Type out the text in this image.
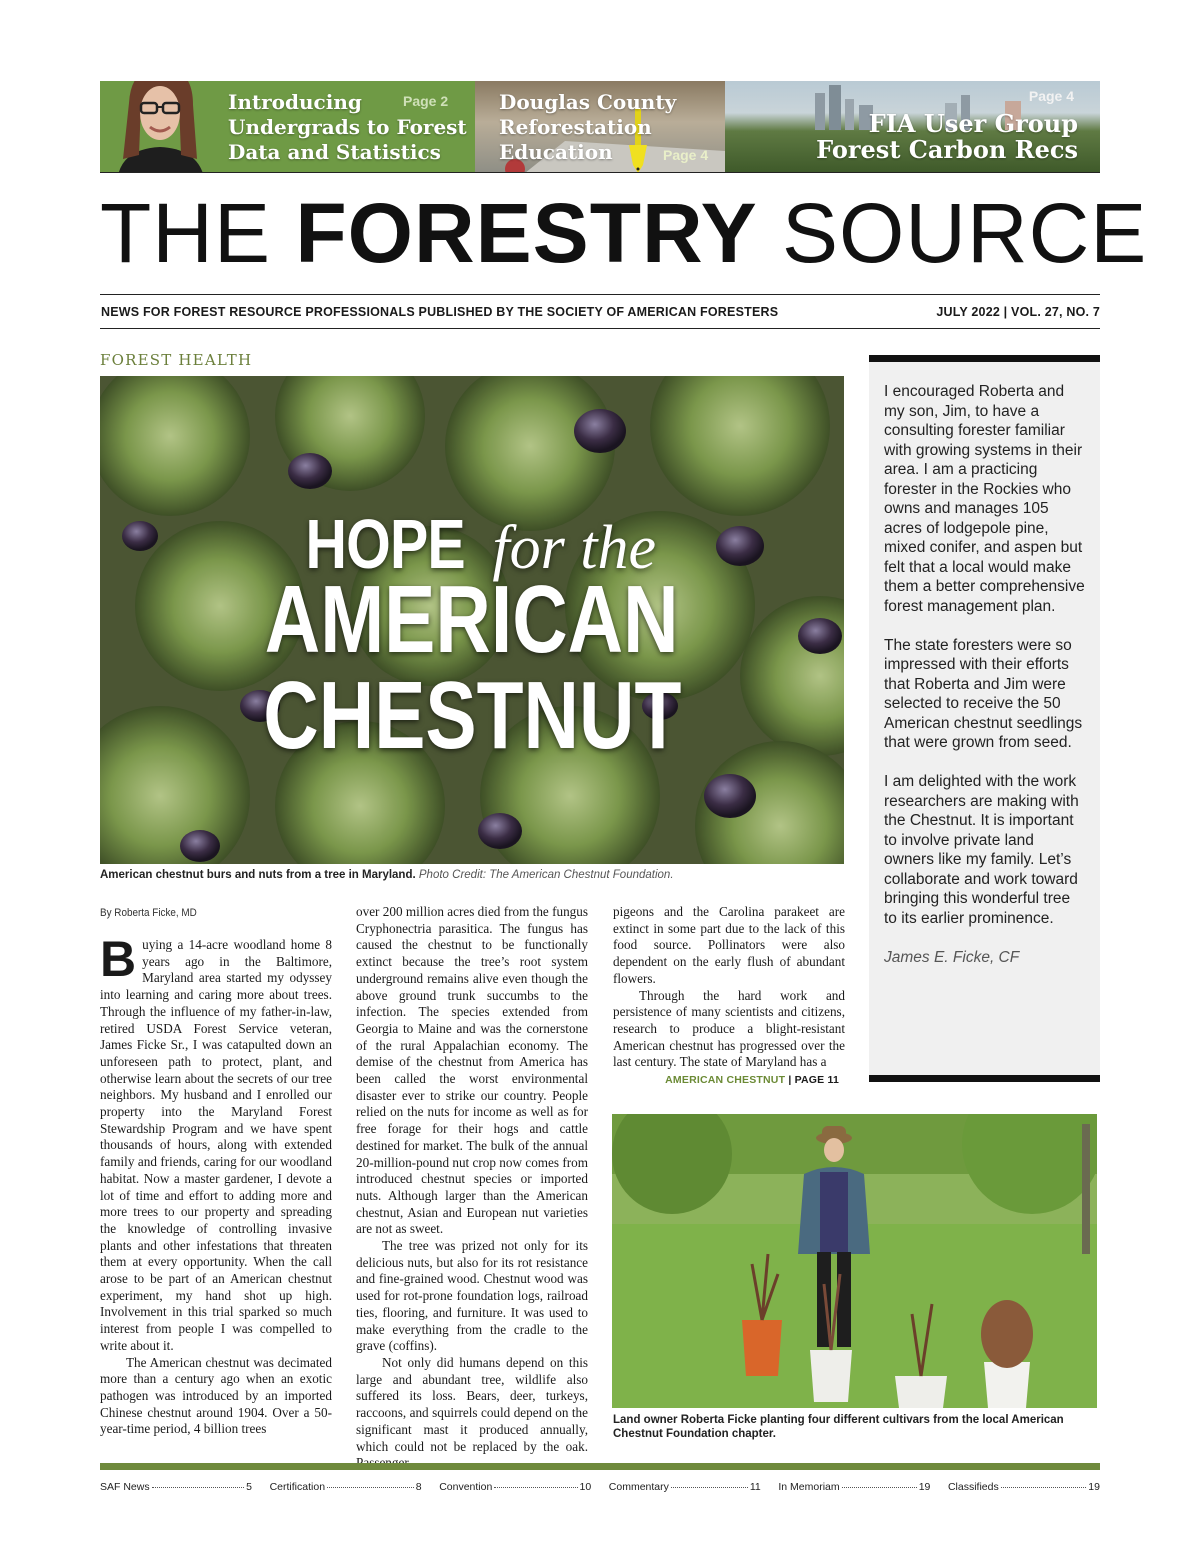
Introducing
Undergrads to Forest
Data and Statistics
Page 2	Douglas County
Reforestation
Education	Page 4
Page 4
FIA User Group
Forest Carbon Recs
THE FORESTRY SOURCE
NEWS FOR FOREST RESOURCE PROFESSIONALS PUBLISHED BY THE SOCIETY OF AMERICAN FORESTERS	JULY 2022 | VOL. 27, NO. 7
FOREST HEALTH
HOPE for the
AMERICAN
CHESTNUT
American chestnut burs and nuts from a tree in Maryland. Photo Credit: The American Chestnut Foundation.

I encouraged Roberta and my son, Jim, to have a consulting forester familiar with growing systems in their area. I am a practicing forester in the Rockies who owns and manages 105 acres of lodgepole pine, mixed conifer, and aspen but felt that a local would make them a better comprehensive forest management plan.

The state foresters were so impressed with their efforts that Roberta and Jim were selected to receive the 50 American chestnut seedlings that were grown from seed.

I am delighted with the work researchers are making with the Chestnut. It is important to involve private land owners like my family. Let’s collaborate and work toward bringing this wonderful tree to its earlier prominence.

James E. Ficke, CF

By Roberta Ficke, MD

Buying a 14-acre woodland home 8 years ago in the Baltimore, Maryland area started my odyssey into learning and caring more about trees. Through the influence of my father-in-law, retired USDA Forest Service veteran, James Ficke Sr., I was catapulted down an unforeseen path to protect, plant, and otherwise learn about the secrets of our tree neighbors. My husband and I enrolled our property into the Maryland Forest Stewardship Program and we have spent thousands of hours, along with extended family and friends, caring for our woodland habitat. Now a master gardener, I devote a lot of time and effort to adding more and more trees to our property and spreading the knowledge of controlling invasive plants and other infestations that threaten them at every opportunity. When the call arose to be part of an American chestnut experiment, my hand shot up high. Involvement in this trial sparked so much interest from people I was compelled to write about it.

The American chestnut was decimated more than a century ago when an exotic pathogen was introduced by an imported Chinese chestnut around 1904. Over a 50-year-time period, 4 billion trees

over 200 million acres died from the fungus Cryphonectria parasitica. The fungus has caused the chestnut to be functionally extinct because the tree’s root system underground remains alive even though the above ground trunk succumbs to the infection. The species extended from Georgia to Maine and was the cornerstone of the rural Appalachian economy. The demise of the chestnut from America has been called the worst environmental disaster ever to strike our country. People relied on the nuts for income as well as for free forage for their hogs and cattle destined for market. The bulk of the annual 20-million-pound nut crop now comes from introduced chestnut species or imported nuts. Although larger than the American chestnut, Asian and European nut varieties are not as sweet.

The tree was prized not only for its delicious nuts, but also for its rot resistance and fine-grained wood. Chestnut wood was used for rot-prone foundation logs, railroad ties, flooring, and furniture. It was used to make everything from the cradle to the grave (coffins).

Not only did humans depend on this large and abundant tree, wildlife also suffered its loss. Bears, deer, turkeys, raccoons, and squirrels could depend on the significant mast it produced annually, which could not be replaced by the oak.

pigeons and the Carolina parakeet are extinct in some part due to the lack of this food source. Pollinators were also dependent on the early flush of abundant flowers.

Through the hard work and persistence of many scientists and citizens, research to produce a blight-resistant American chestnut has progressed over the last century. The state of Maryland has a

AMERICAN CHESTNUT | PAGE 11
Land owner Roberta Ficke planting four different cultivars from the local American Chestnut Foundation chapter.
SAF News	5 Certification	8 Convention	10 Commentary	11 In Memoriam	19 Classifieds	19
